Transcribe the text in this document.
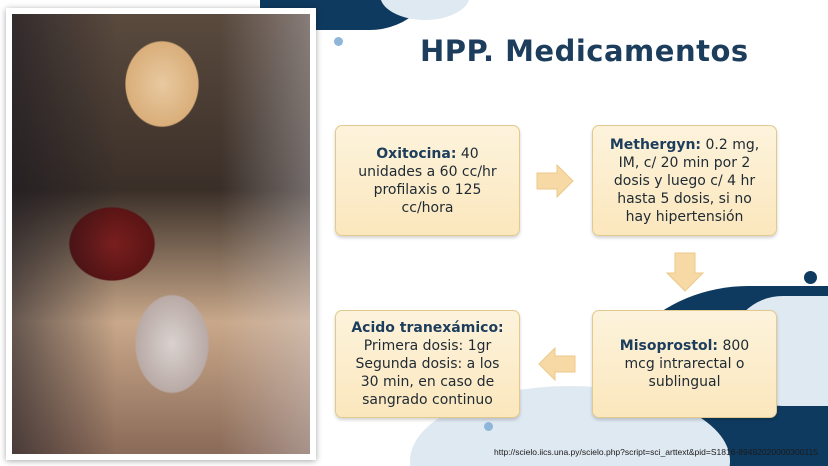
HPP. Medicamentos
Oxitocina: 40 unidades a 60 cc/hr profilaxis o 125 cc/hora
Methergyn: 0.2 mg, IM, c/ 20 min por 2 dosis y luego c/ 4 hr hasta 5 dosis, si no hay hipertensión
Misoprostol: 800 mcg intrarectal o sublingual
Acido tranexámico:
Primera dosis: 1gr Segunda dosis: a los 30 min, en caso de sangrado continuo
http://scielo.iics.una.py/scielo.php?script=sci_arttext&pid=S1816-89492020000300115
